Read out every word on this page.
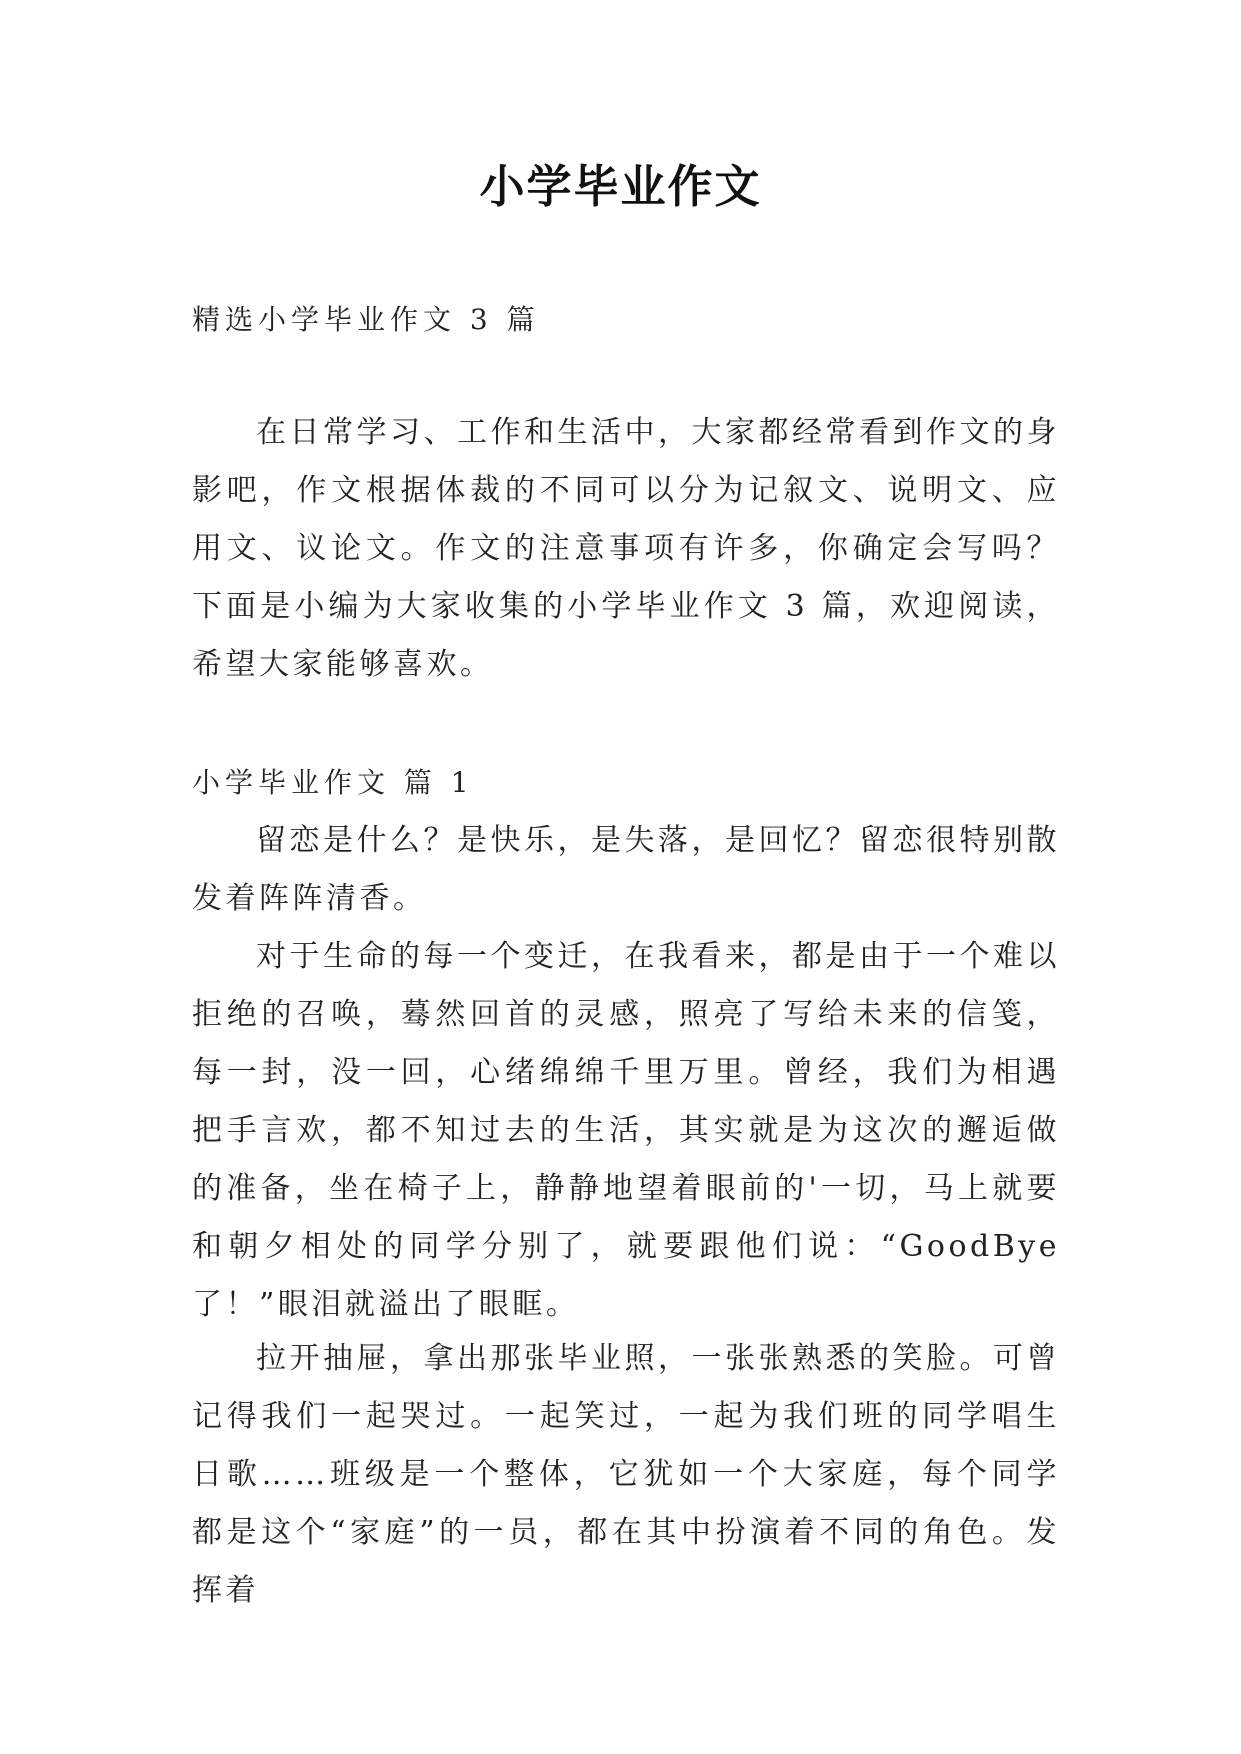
小学毕业作文

精选小学毕业作文 3 篇

在日常学习、工作和生活中，大家都经常看到作文的身影吧，作文根据体裁的不同可以分为记叙文、说明文、应用文、议论文。作文的注意事项有许多，你确定会写吗？下面是小编为大家收集的小学毕业作文 3 篇，欢迎阅读，希望大家能够喜欢。

小学毕业作文 篇 1

留恋是什么？是快乐，是失落，是回忆？留恋很特别散发着阵阵清香。

对于生命的每一个变迁，在我看来，都是由于一个难以拒绝的召唤，蓦然回首的灵感，照亮了写给未来的信笺，每一封，没一回，心绪绵绵千里万里。曾经，我们为相遇把手言欢，都不知过去的生活，其实就是为这次的邂逅做的准备，坐在椅子上，静静地望着眼前的'一切，马上就要和朝夕相处的同学分别了，就要跟他们说：“GoodBye 了！”眼泪就溢出了眼眶。

拉开抽屉，拿出那张毕业照，一张张熟悉的笑脸。可曾记得我们一起哭过。一起笑过，一起为我们班的同学唱生日歌……班级是一个整体，它犹如一个大家庭，每个同学都是这个“家庭”的一员，都在其中扮演着不同的角色。发挥着
